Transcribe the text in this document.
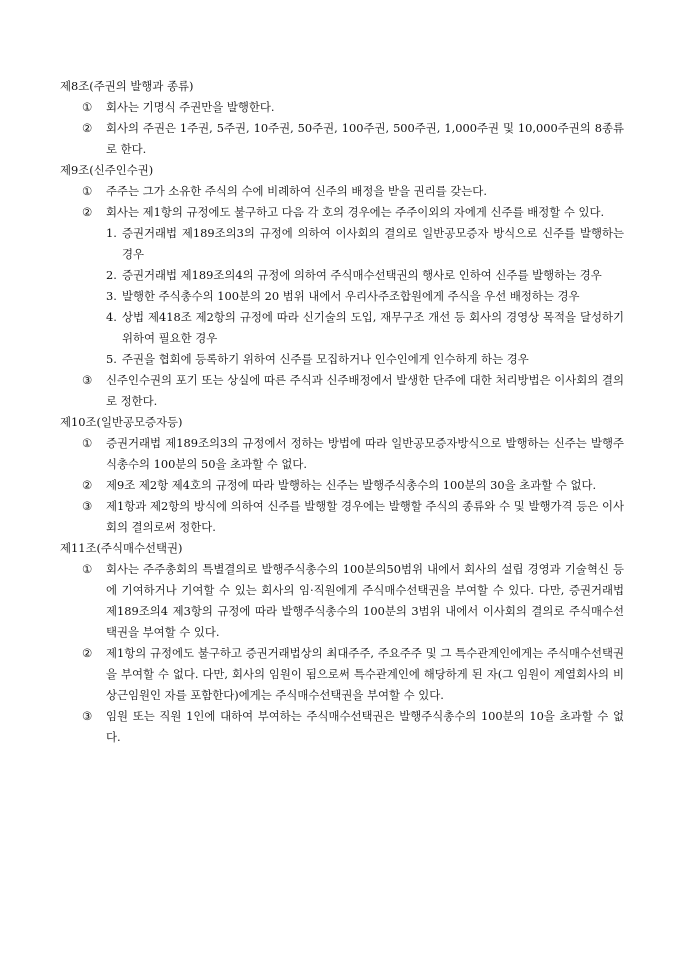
제8조(주권의 발행과 종류)
①	회사는 기명식 주권만을 발행한다.
②	회사의 주권은 1주권, 5주권, 10주권, 50주권, 100주권, 500주권, 1,000주권 및 10,000주권의 8종류로 한다.
제9조(신주인수권)
①	주주는 그가 소유한 주식의 수에 비례하여 신주의 배정을 받을 권리를 갖는다.
②	회사는 제1항의 규정에도 불구하고 다음 각 호의 경우에는 주주이외의 자에게 신주를 배정할 수 있다.
1. 증권거래법 제189조의3의 규정에 의하여 이사회의 결의로 일반공모증자 방식으로 신주를 발행하는 경우
2. 증권거래법 제189조의4의 규정에 의하여 주식매수선택권의 행사로 인하여 신주를 발행하는 경우
3. 발행한 주식총수의 100분의 20 범위 내에서 우리사주조합원에게 주식을 우선 배정하는 경우
4. 상법 제418조 제2항의 규정에 따라 신기술의 도입, 재무구조 개선 등 회사의 경영상 목적을 달성하기 위하여 필요한 경우
5. 주권을 협회에 등록하기 위하여 신주를 모집하거나 인수인에게 인수하게 하는 경우
③	신주인수권의 포기 또는 상실에 따른 주식과 신주배정에서 발생한 단주에 대한 처리방법은 이사회의 결의로 정한다.
제10조(일반공모증자등)
①	증권거래법 제189조의3의 규정에서 정하는 방법에 따라 일반공모증자방식으로 발행하는 신주는 발행주식총수의 100분의 50을 초과할 수 없다.
②	제9조 제2항 제4호의 규정에 따라 발행하는 신주는 발행주식총수의 100분의 30을 초과할 수 없다.
③	제1항과 제2항의 방식에 의하여 신주를 발행할 경우에는 발행할 주식의 종류와 수 및 발행가격 등은 이사회의 결의로써 정한다.
제11조(주식매수선택권)
①	회사는 주주총회의 특별결의로 발행주식총수의 100분의50범위 내에서 회사의 설립 경영과 기술혁신 등에 기여하거나 기여할 수 있는 회사의 임·직원에게 주식매수선택권을 부여할 수 있다. 다만, 증권거래법 제189조의4 제3항의 규정에 따라 발행주식총수의 100분의 3범위 내에서 이사회의 결의로 주식매수선택권을 부여할 수 있다.
②	제1항의 규정에도 불구하고 증권거래법상의 최대주주, 주요주주 및 그 특수관계인에게는 주식매수선택권을 부여할 수 없다. 다만, 회사의 임원이 됨으로써 특수관계인에 해당하게 된 자(그 임원이 계열회사의 비상근임원인 자를 포함한다)에게는 주식매수선택권을 부여할 수 있다.
③	임원 또는 직원 1인에 대하여 부여하는 주식매수선택권은 발행주식총수의 100분의 10을 초과할 수 없다.
